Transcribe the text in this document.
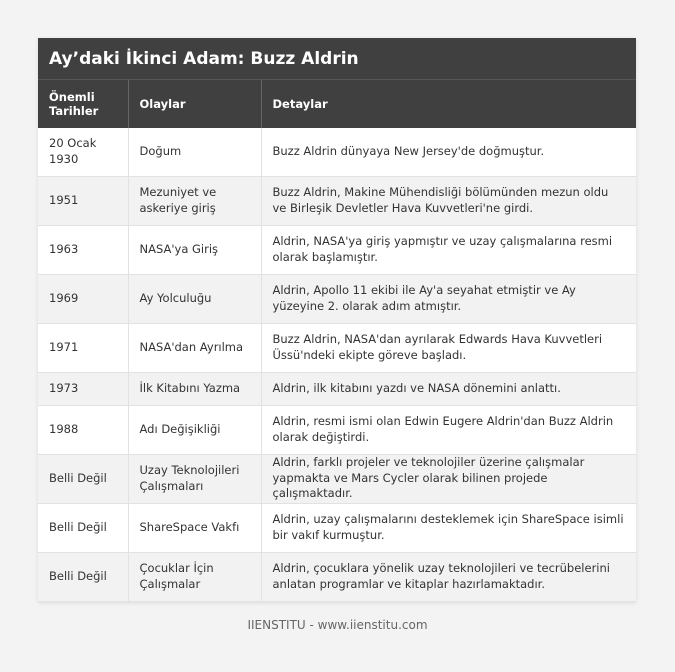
Ay’daki İkinci Adam: Buzz Aldrin
Önemli Tarihler	Olaylar	Detaylar
20 Ocak 1930	Doğum	Buzz Aldrin dünyaya New Jersey'de doğmuştur.
1951	Mezuniyet ve askeriye giriş	Buzz Aldrin, Makine Mühendisliği bölümünden mezun oldu ve Birleşik Devletler Hava Kuvvetleri'ne girdi.
1963	NASA'ya Giriş	Aldrin, NASA'ya giriş yapmıştır ve uzay çalışmalarına resmi olarak başlamıştır.
1969	Ay Yolculuğu	Aldrin, Apollo 11 ekibi ile Ay'a seyahat etmiştir ve Ay yüzeyine 2. olarak adım atmıştır.
1971	NASA'dan Ayrılma	Buzz Aldrin, NASA'dan ayrılarak Edwards Hava Kuvvetleri Üssü'ndeki ekipte göreve başladı.
1973	İlk Kitabını Yazma	Aldrin, ilk kitabını yazdı ve NASA dönemini anlattı.
1988	Adı Değişikliği	Aldrin, resmi ismi olan Edwin Eugere Aldrin'dan Buzz Aldrin olarak değiştirdi.
Belli Değil	Uzay Teknolojileri Çalışmaları	Aldrin, farklı projeler ve teknolojiler üzerine çalışmalar yapmakta ve Mars Cycler olarak bilinen projede çalışmaktadır.
Belli Değil	ShareSpace Vakfı	Aldrin, uzay çalışmalarını desteklemek için ShareSpace isimli bir vakıf kurmuştur.
Belli Değil	Çocuklar İçin Çalışmalar	Aldrin, çocuklara yönelik uzay teknolojileri ve tecrübelerini anlatan programlar ve kitaplar hazırlamaktadır.
IIENSTITU - www.iienstitu.com
